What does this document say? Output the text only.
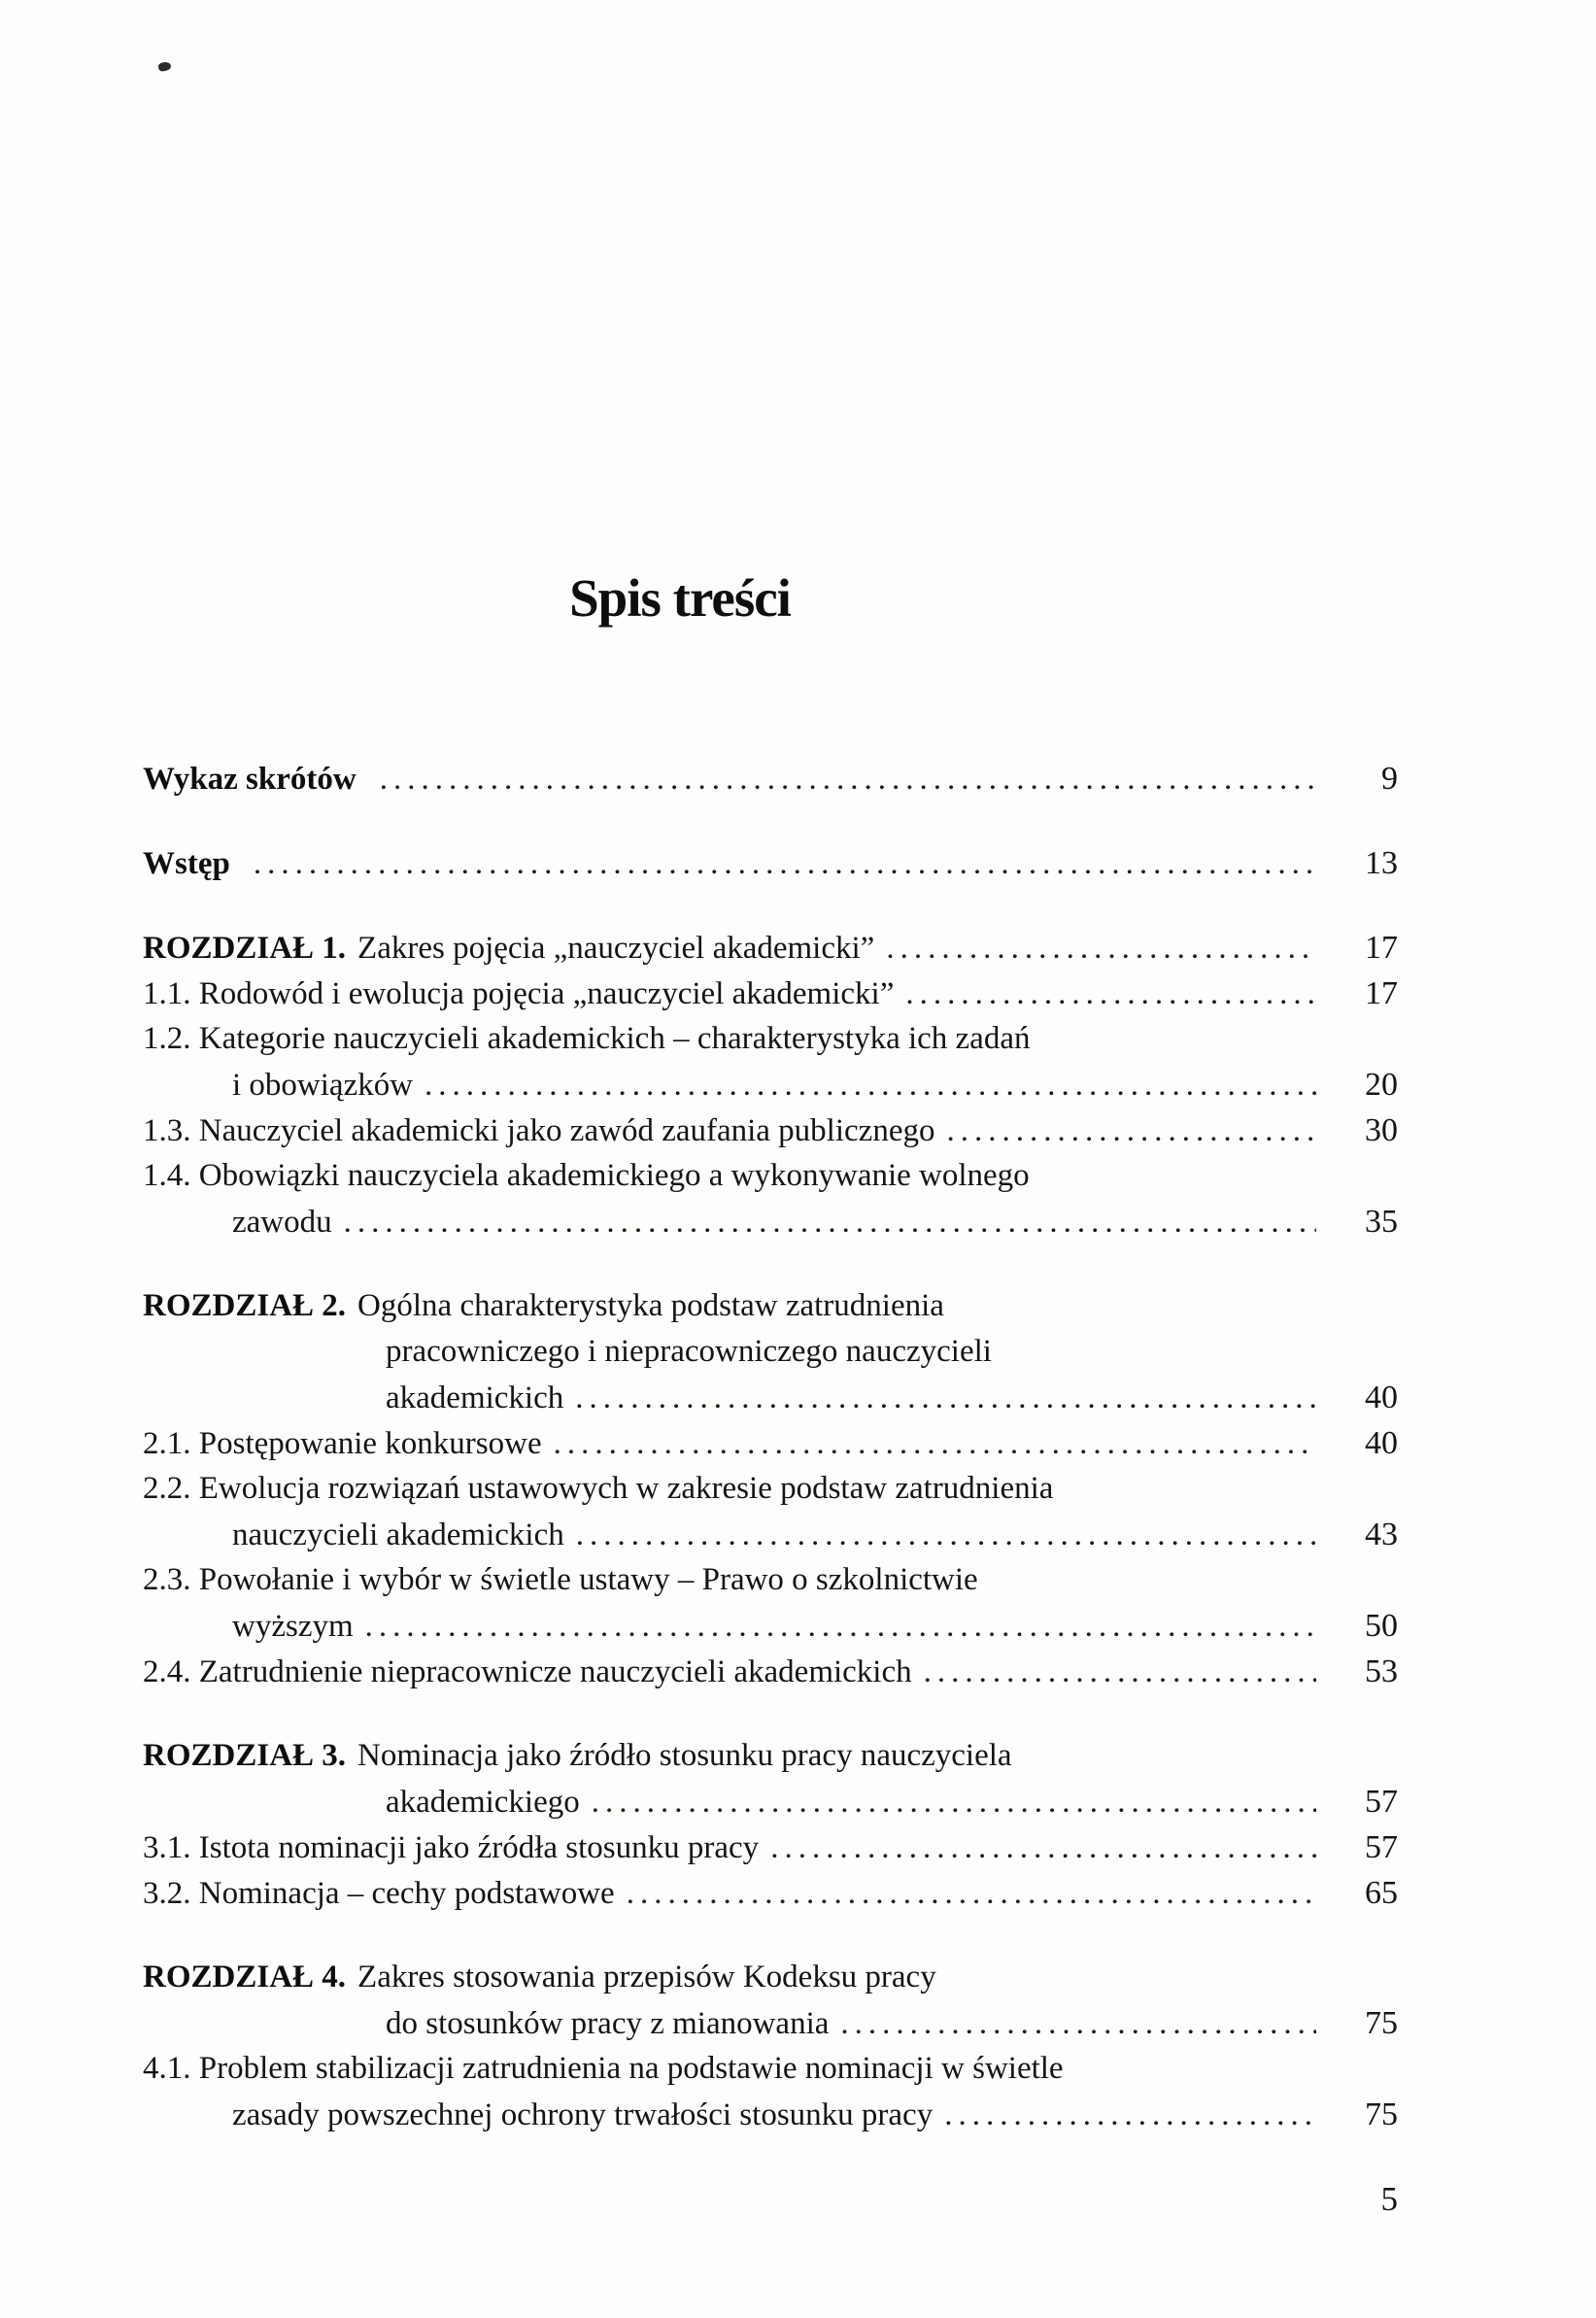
Spis treści
Wykaz skrótów .....	9
Wstęp .....	13
ROZDZIAŁ 1. Zakres pojęcia „nauczyciel akademicki” .....	17
1.1. Rodowód i ewolucja pojęcia „nauczyciel akademicki” .....	17
1.2. Kategorie nauczycieli akademickich – charakterystyka ich zadań
i obowiązków .....	20
1.3. Nauczyciel akademicki jako zawód zaufania publicznego .....	30
1.4. Obowiązki nauczyciela akademickiego a wykonywanie wolnego
zawodu .....	35
ROZDZIAŁ 2. Ogólna charakterystyka podstaw zatrudnienia
pracowniczego i niepracowniczego nauczycieli
akademickich .....	40
2.1. Postępowanie konkursowe .....	40
2.2. Ewolucja rozwiązań ustawowych w zakresie podstaw zatrudnienia
nauczycieli akademickich .....	43
2.3. Powołanie i wybór w świetle ustawy – Prawo o szkolnictwie
wyższym .....	50
2.4. Zatrudnienie niepracownicze nauczycieli akademickich .....	53
ROZDZIAŁ 3. Nominacja jako źródło stosunku pracy nauczyciela
akademickiego .....	57
3.1. Istota nominacji jako źródła stosunku pracy .....	57
3.2. Nominacja – cechy podstawowe .....	65
ROZDZIAŁ 4. Zakres stosowania przepisów Kodeksu pracy
do stosunków pracy z mianowania .....	75
4.1. Problem stabilizacji zatrudnienia na podstawie nominacji w świetle
zasady powszechnej ochrony trwałości stosunku pracy .....	75
5
